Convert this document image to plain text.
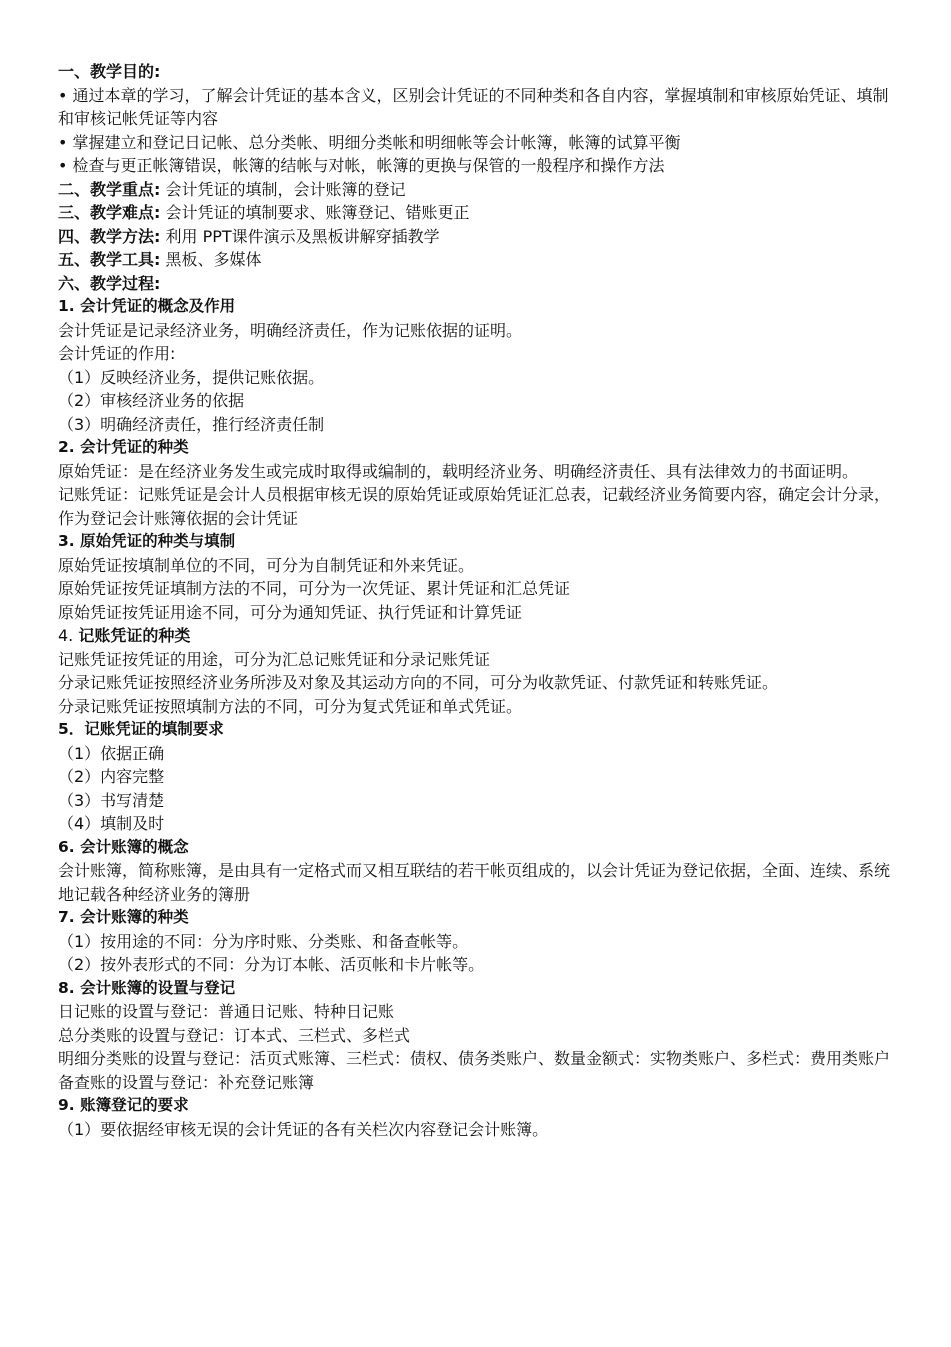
一、教学目的:
• 通过本章的学习，了解会计凭证的基本含义，区别会计凭证的不同种类和各自内容，掌握填制和审核原始凭证、填制和审核记帐凭证等内容
• 掌握建立和登记日记帐、总分类帐、明细分类帐和明细帐等会计帐簿，帐簿的试算平衡
• 检查与更正帐簿错误，帐簿的结帐与对帐，帐簿的更换与保管的一般程序和操作方法
二、教学重点: 会计凭证的填制，会计账簿的登记
三、教学难点: 会计凭证的填制要求、账簿登记、错账更正
四、教学方法: 利用 PPT课件演示及黑板讲解穿插教学
五、教学工具: 黑板、多媒体
六、教学过程:
1. 会计凭证的概念及作用
会计凭证是记录经济业务，明确经济责任，作为记账依据的证明。
会计凭证的作用:
（1）反映经济业务，提供记账依据。
（2）审核经济业务的依据
（3）明确经济责任，推行经济责任制
2. 会计凭证的种类
原始凭证：是在经济业务发生或完成时取得或编制的，载明经济业务、明确经济责任、具有法律效力的书面证明。
记账凭证：记账凭证是会计人员根据审核无误的原始凭证或原始凭证汇总表，记载经济业务简要内容，确定会计分录，作为登记会计账簿依据的会计凭证
3. 原始凭证的种类与填制
原始凭证按填制单位的不同，可分为自制凭证和外来凭证。
原始凭证按凭证填制方法的不同，可分为一次凭证、累计凭证和汇总凭证
原始凭证按凭证用途不同，可分为通知凭证、执行凭证和计算凭证
4. 记账凭证的种类
记账凭证按凭证的用途，可分为汇总记账凭证和分录记账凭证
分录记账凭证按照经济业务所涉及对象及其运动方向的不同，可分为收款凭证、付款凭证和转账凭证。
分录记账凭证按照填制方法的不同，可分为复式凭证和单式凭证。
5．记账凭证的填制要求
（1）依据正确
（2）内容完整
（3）书写清楚
（4）填制及时
6. 会计账簿的概念
会计账簿，简称账簿，是由具有一定格式而又相互联结的若干帐页组成的，以会计凭证为登记依据，全面、连续、系统地记载各种经济业务的簿册
7. 会计账簿的种类
（1）按用途的不同：分为序时账、分类账、和备查帐等。
（2）按外表形式的不同：分为订本帐、活页帐和卡片帐等。
8. 会计账簿的设置与登记
日记账的设置与登记：普通日记账、特种日记账
总分类账的设置与登记：订本式、三栏式、多栏式
明细分类账的设置与登记：活页式账簿、三栏式：债权、债务类账户、数量金额式：实物类账户、多栏式：费用类账户
备查账的设置与登记：补充登记账簿
9. 账簿登记的要求
（1）要依据经审核无误的会计凭证的各有关栏次内容登记会计账簿。
